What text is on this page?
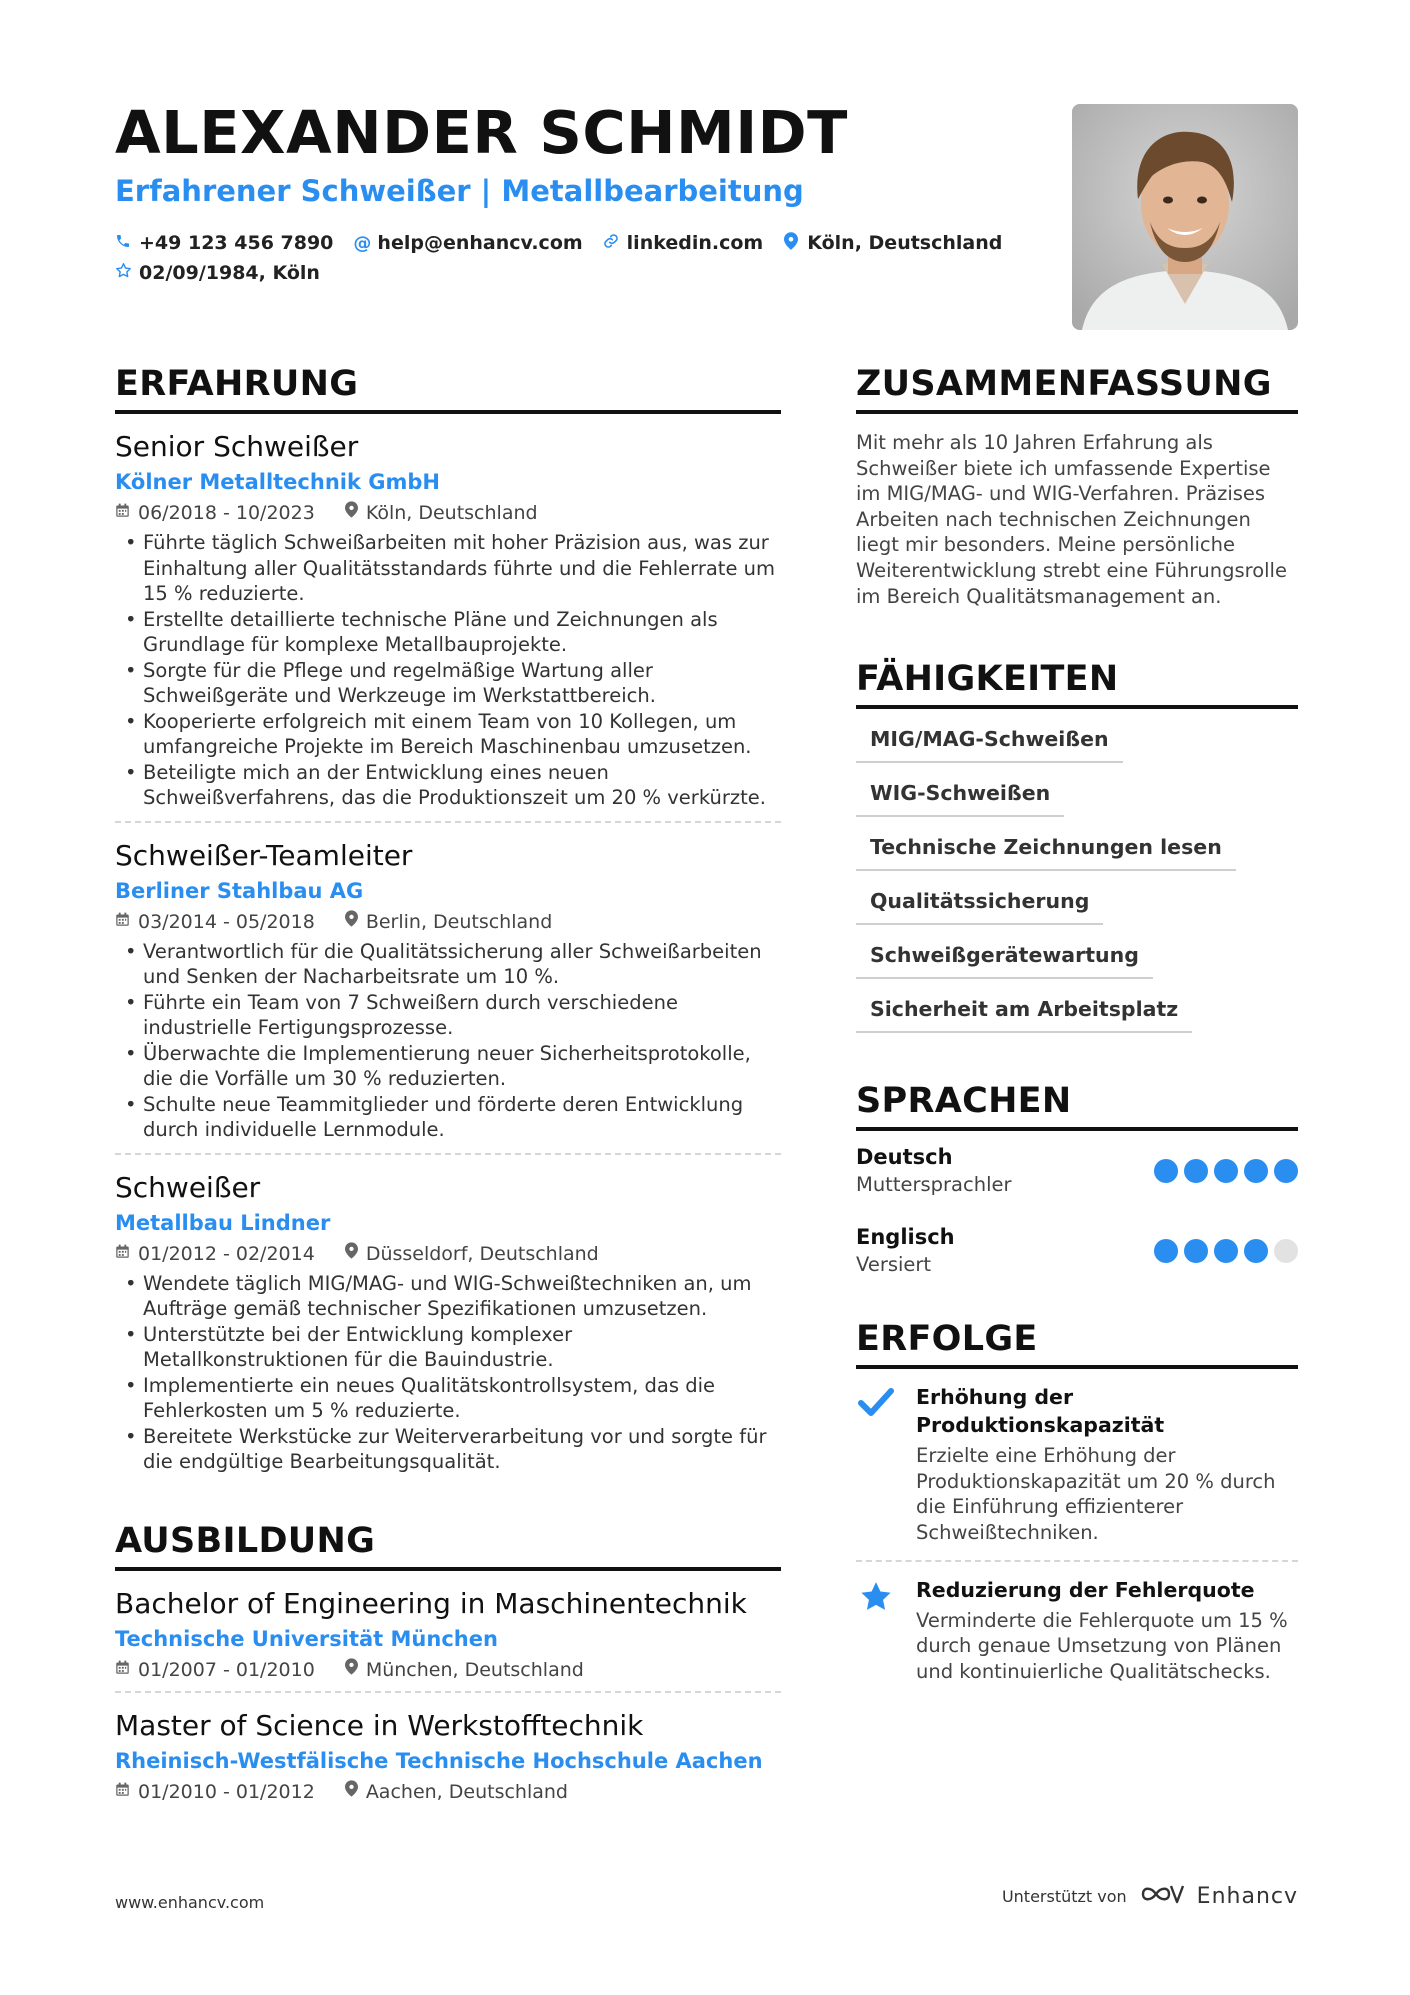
ALEXANDER SCHMIDT
Erfahrener Schweißer | Metallbearbeitung
+49 123 456 7890 @ help@enhancv.com linkedin.com Köln, Deutschland
02/09/1984, Köln
ERFAHRUNG
Senior Schweißer
Kölner Metalltechnik GmbH
06/2018 - 10/2023	Köln, Deutschland
• Führte täglich Schweißarbeiten mit hoher Präzision aus, was zur Einhaltung aller Qualitätsstandards führte und die Fehlerrate um 15 % reduzierte.
• Erstellte detaillierte technische Pläne und Zeichnungen als Grundlage für komplexe Metallbauprojekte.
• Sorgte für die Pflege und regelmäßige Wartung aller Schweißgeräte und Werkzeuge im Werkstattbereich.
• Kooperierte erfolgreich mit einem Team von 10 Kollegen, um umfangreiche Projekte im Bereich Maschinenbau umzusetzen.
• Beteiligte mich an der Entwicklung eines neuen Schweißverfahrens, das die Produktionszeit um 20 % verkürzte.
Schweißer-Teamleiter
Berliner Stahlbau AG
03/2014 - 05/2018	Berlin, Deutschland
• Verantwortlich für die Qualitätssicherung aller Schweißarbeiten und Senken der Nacharbeitsrate um 10 %.
• Führte ein Team von 7 Schweißern durch verschiedene industrielle Fertigungsprozesse.
• Überwachte die Implementierung neuer Sicherheitsprotokolle, die die Vorfälle um 30 % reduzierten.
• Schulte neue Teammitglieder und förderte deren Entwicklung durch individuelle Lernmodule.
Schweißer
Metallbau Lindner
01/2012 - 02/2014	Düsseldorf, Deutschland
• Wendete täglich MIG/MAG- und WIG-Schweißtechniken an, um Aufträge gemäß technischer Spezifikationen umzusetzen.
• Unterstützte bei der Entwicklung komplexer Metallkonstruktionen für die Bauindustrie.
• Implementierte ein neues Qualitätskontrollsystem, das die Fehlerkosten um 5 % reduzierte.
• Bereitete Werkstücke zur Weiterverarbeitung vor und sorgte für die endgültige Bearbeitungsqualität.
AUSBILDUNG
Bachelor of Engineering in Maschinentechnik
Technische Universität München
01/2007 - 01/2010	München, Deutschland
Master of Science in Werkstofftechnik
Rheinisch-Westfälische Technische Hochschule Aachen
01/2010 - 01/2012	Aachen, Deutschland
ZUSAMMENFASSUNG
Mit mehr als 10 Jahren Erfahrung als Schweißer biete ich umfassende Expertise im MIG/MAG- und WIG-Verfahren. Präzises Arbeiten nach technischen Zeichnungen liegt mir besonders. Meine persönliche Weiterentwicklung strebt eine Führungsrolle im Bereich Qualitätsmanagement an.
FÄHIGKEITEN
MIG/MAG-Schweißen
WIG-Schweißen
Technische Zeichnungen lesen
Qualitätssicherung
Schweißgerätewartung
Sicherheit am Arbeitsplatz
SPRACHEN
Deutsch
Muttersprachler
Englisch
Versiert
ERFOLGE
Erhöhung der Produktionskapazität
Erzielte eine Erhöhung der Produktionskapazität um 20 % durch die Einführung effizienterer Schweißtechniken.
Reduzierung der Fehlerquote
Verminderte die Fehlerquote um 15 % durch genaue Umsetzung von Plänen und kontinuierliche Qualitätschecks.
www.enhancv.com	Unterstützt von	Enhancv
